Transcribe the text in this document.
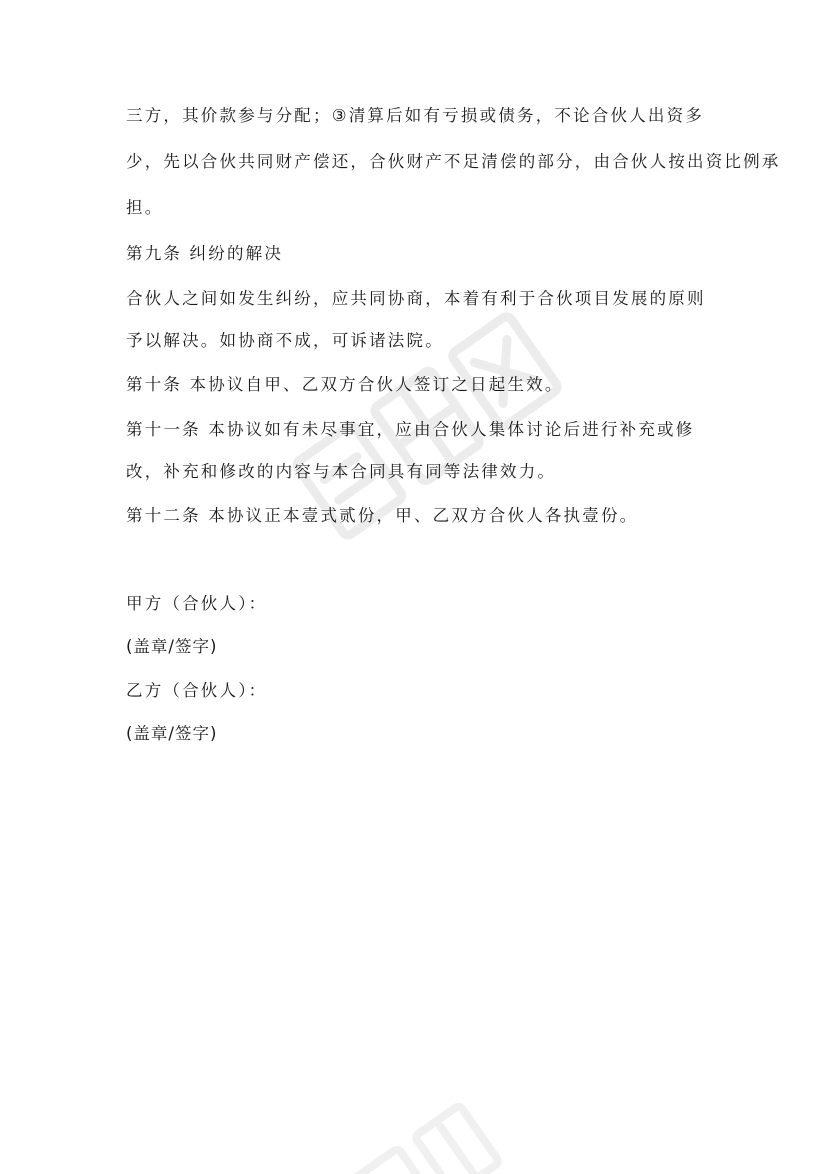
三方，其价款参与分配；③清算后如有亏损或债务，不论合伙人出资多
少，先以合伙共同财产偿还，合伙财产不足清偿的部分，由合伙人按出资比例承
担。
第九条 纠纷的解决
合伙人之间如发生纠纷，应共同协商，本着有利于合伙项目发展的原则
予以解决。如协商不成，可诉诸法院。
第十条 本协议自甲、乙双方合伙人签订之日起生效。
第十一条 本协议如有未尽事宜，应由合伙人集体讨论后进行补充或修
改，补充和修改的内容与本合同具有同等法律效力。
第十二条 本协议正本壹式贰份，甲、乙双方合伙人各执壹份。
甲方（合伙人）：
(盖章/签字)
乙方（合伙人）：
(盖章/签字)
